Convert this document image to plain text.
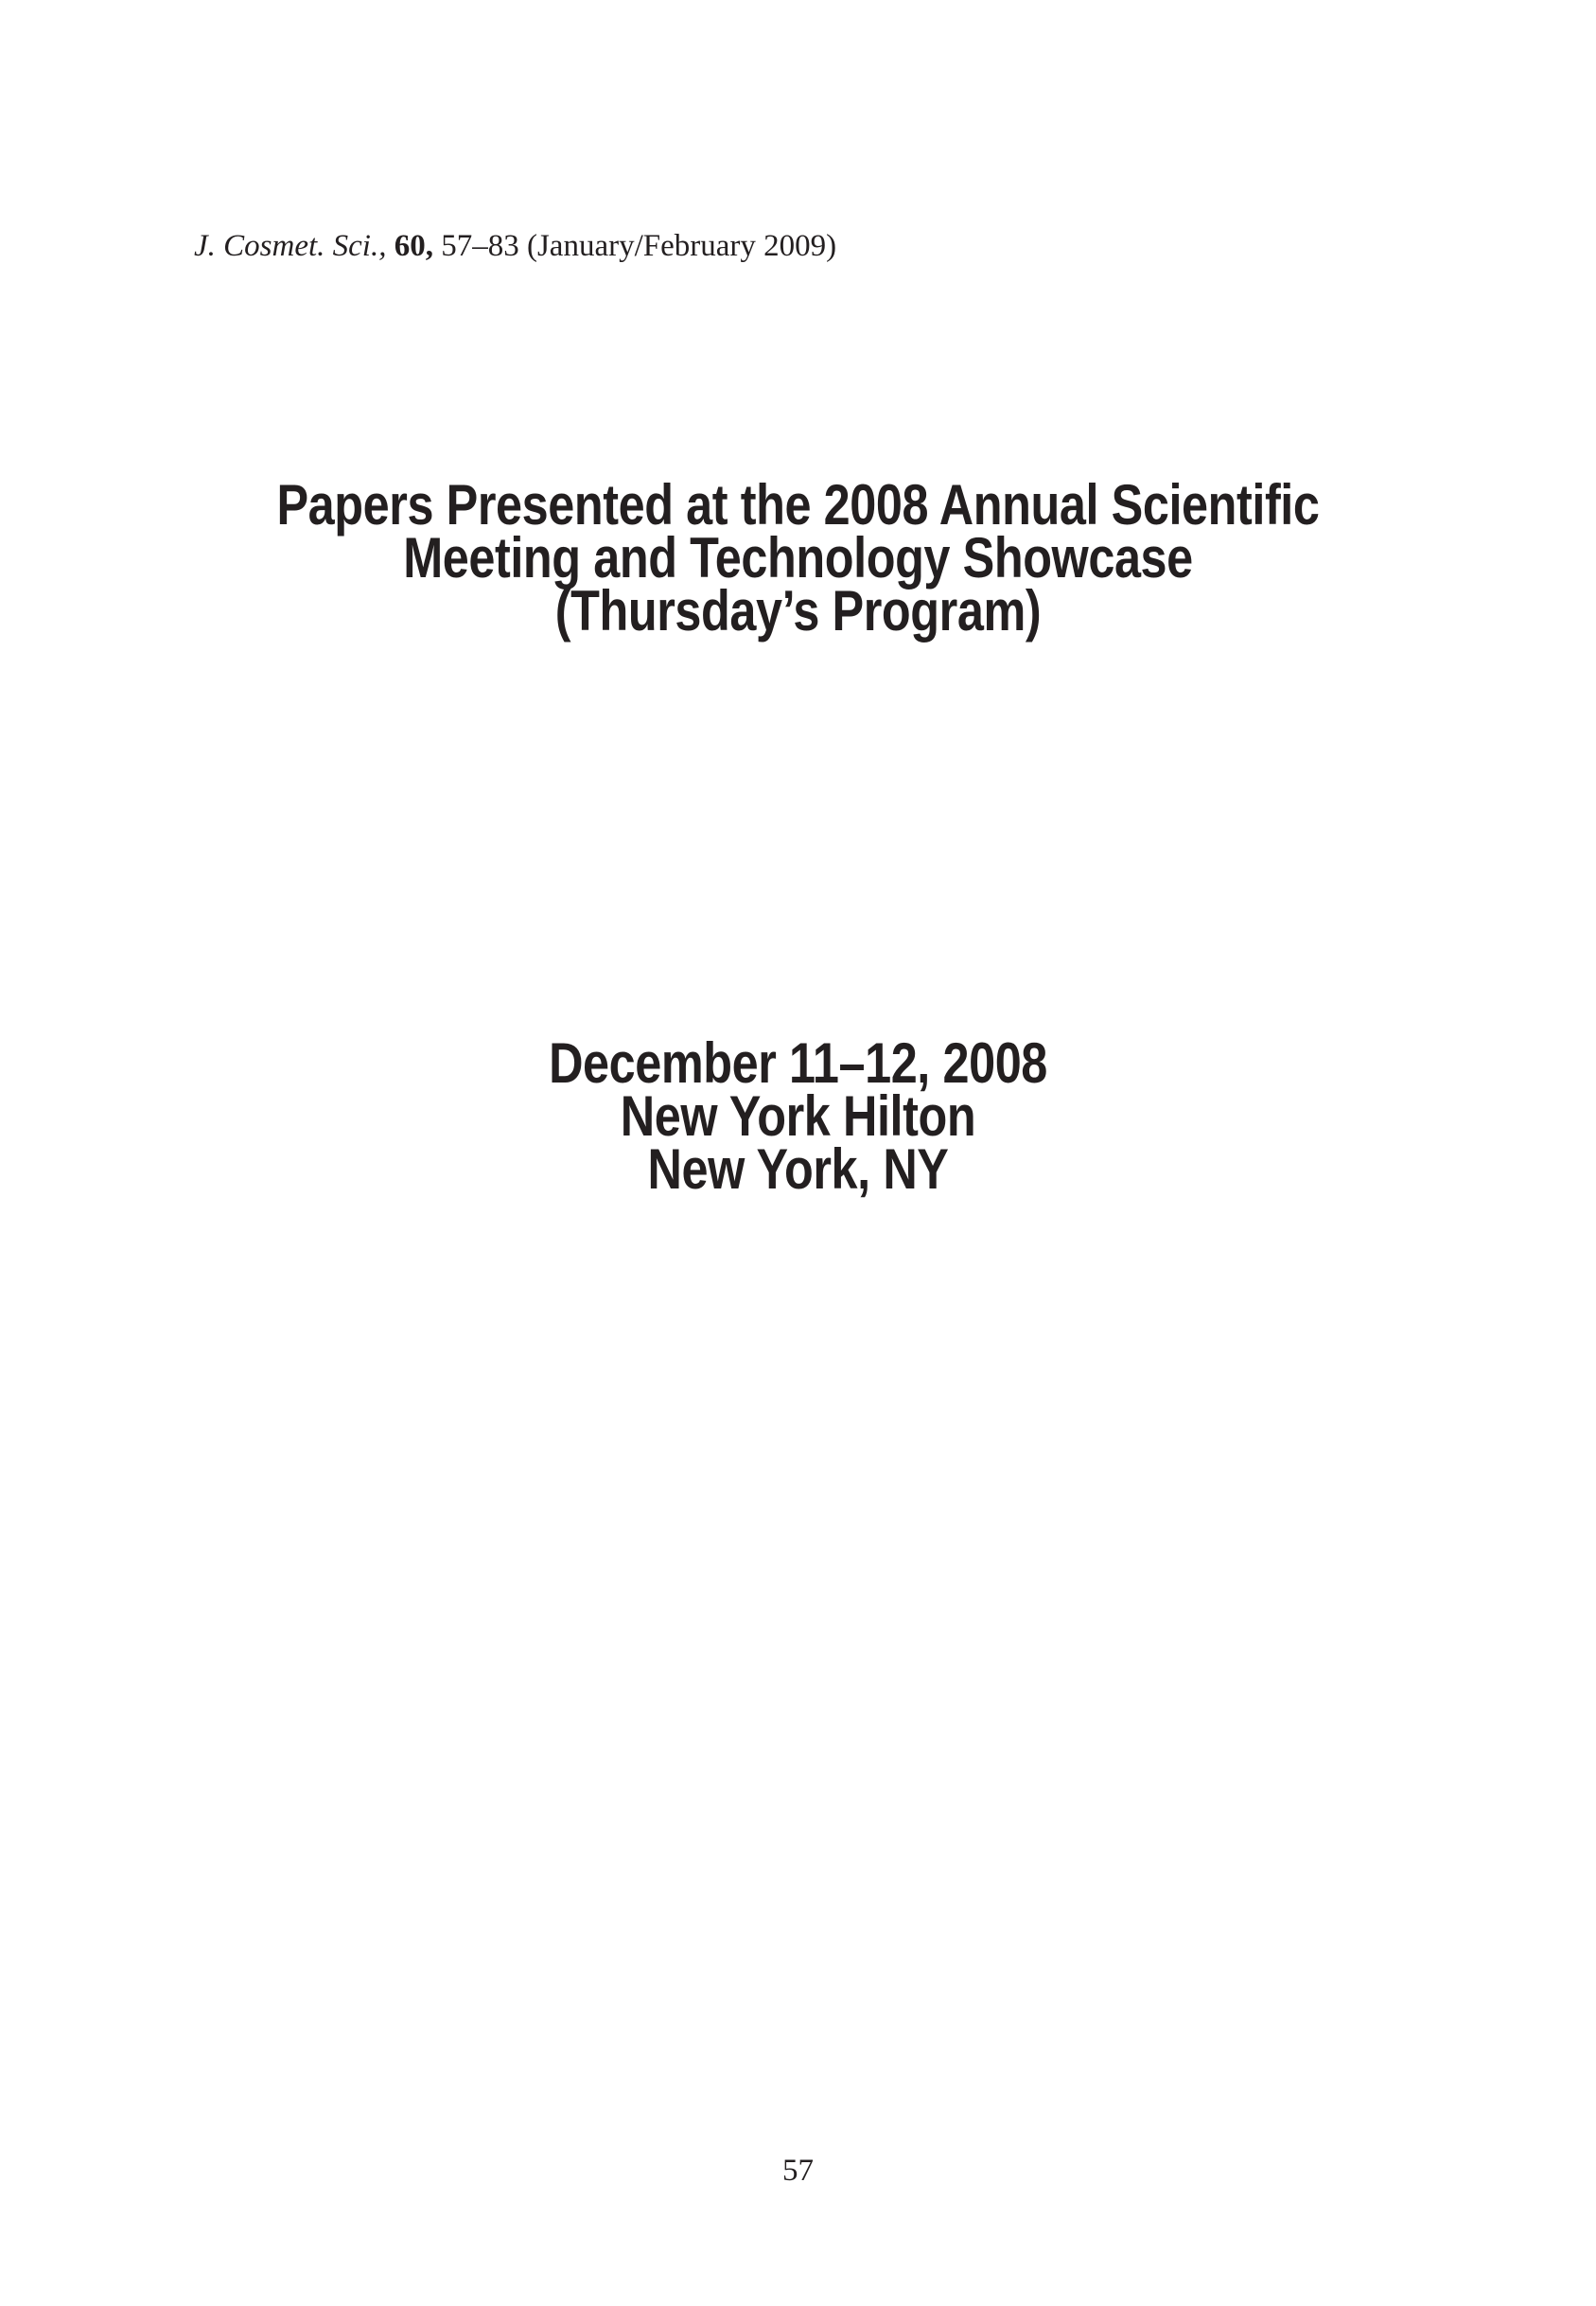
J. Cosmet. Sci., 60, 57–83 (January/February 2009)
Papers Presented at the 2008 Annual Scientific
Meeting and Technology Showcase
(Thursday’s Program)
December 11–12, 2008
New York Hilton
New York, NY
57
